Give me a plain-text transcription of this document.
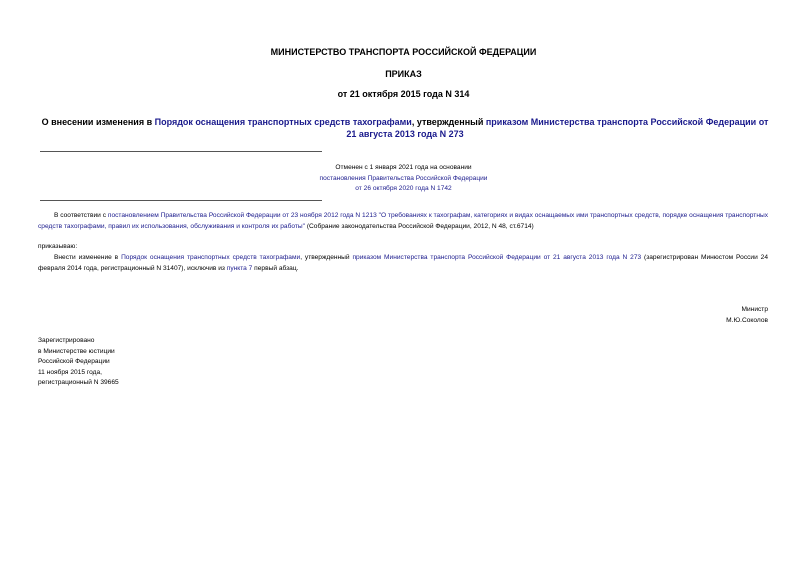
МИНИСТЕРСТВО ТРАНСПОРТА РОССИЙСКОЙ ФЕДЕРАЦИИ
ПРИКАЗ
от 21 октября 2015 года N 314
О внесении изменения в Порядок оснащения транспортных средств тахографами, утвержденный приказом Министерства транспорта Российской Федерации от 21 августа 2013 года N 273
Отменен с 1 января 2021 года на основании
постановления Правительства Российской Федерации
от 26 октября 2020 года N 1742
В соответствии с постановлением Правительства Российской Федерации от 23 ноября 2012 года N 1213 "О требованиях к тахографам, категориях и видах оснащаемых ими транспортных средств, порядке оснащения транспортных средств тахографами, правил их использования, обслуживания и контроля их работы" (Собрание законодательства Российской Федерации, 2012, N 48, ст.6714)
приказываю:
Внести изменение в Порядок оснащения транспортных средств тахографами, утвержденный приказом Министерства транспорта Российской Федерации от 21 августа 2013 года N 273 (зарегистрирован Минюстом России 24 февраля 2014 года, регистрационный N 31407), исключив из пункта 7 первый абзац.
Министр
М.Ю.Соколов
Зарегистрировано
в Министерстве юстиции
Российской Федерации
11 ноября 2015 года,
регистрационный N 39665
